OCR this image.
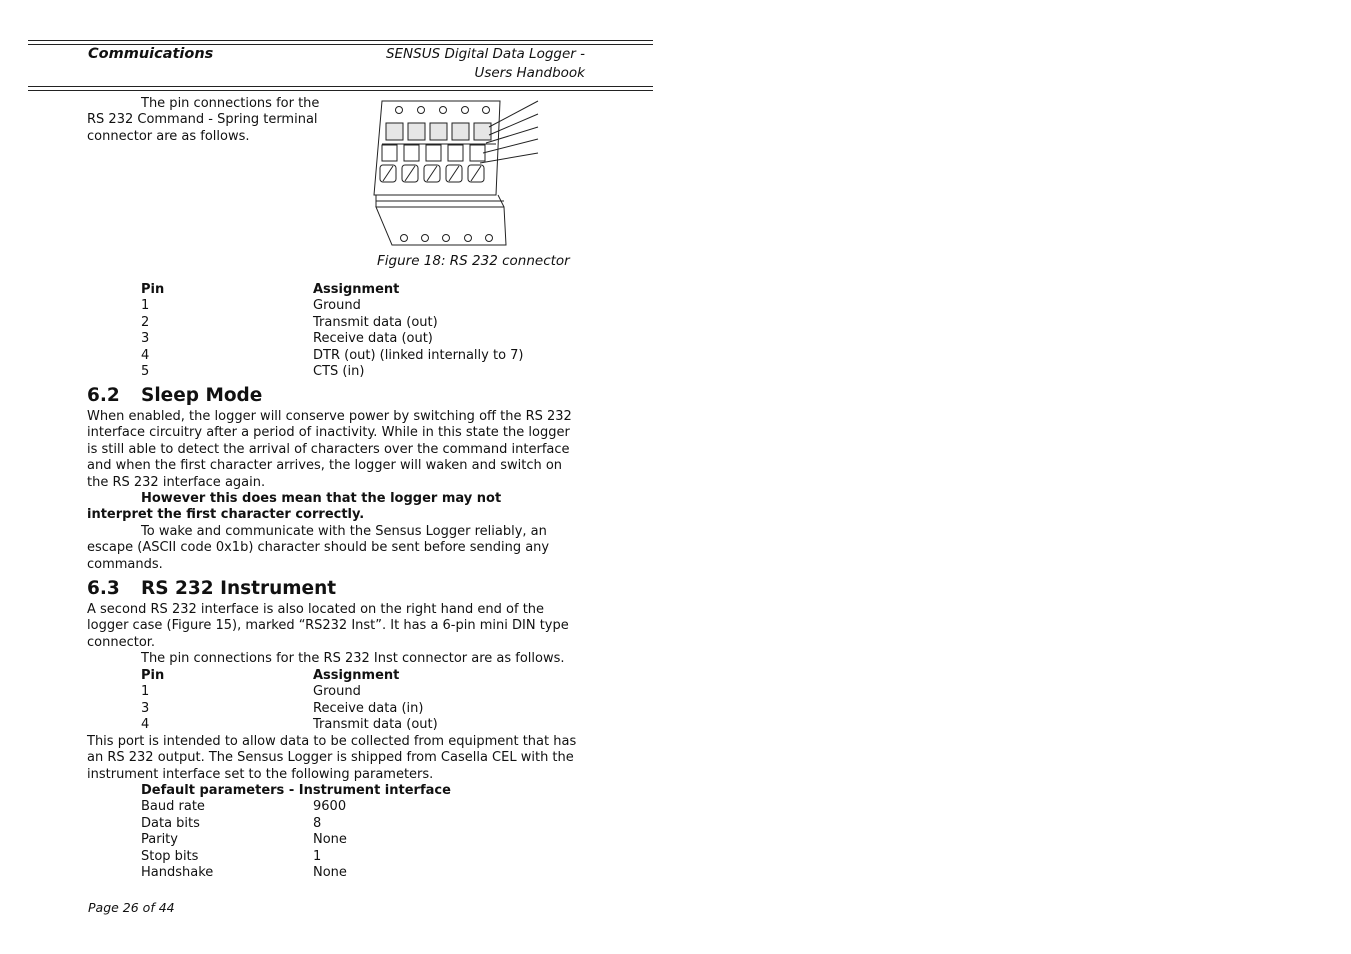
Commuications	SENSUS Digital Data Logger -
Users Handbook
The pin connections for the RS 232 Command - Spring terminal connector are as follows.
Figure 18: RS 232 connector
Pin	Assignment
1	Ground
2	Transmit data (out)
3	Receive data (out)
4	DTR (out) (linked internally to 7)
5	CTS (in)
6.2 Sleep Mode
When enabled, the logger will conserve power by switching off the RS 232 interface circuitry after a period of inactivity. While in this state the logger is still able to detect the arrival of characters over the command interface and when the first character arrives, the logger will waken and switch on the RS 232 interface again.
However this does mean that the logger may not interpret the first character correctly.
To wake and communicate with the Sensus Logger reliably, an escape (ASCII code 0x1b) character should be sent before sending any commands.
6.3 RS 232 Instrument
A second RS 232 interface is also located on the right hand end of the logger case (Figure 15), marked “RS232 Inst”. It has a 6-pin mini DIN type connector.
The pin connections for the RS 232 Inst connector are as follows.
Pin	Assignment
1	Ground
3	Receive data (in)
4	Transmit data (out)
This port is intended to allow data to be collected from equipment that has an RS 232 output. The Sensus Logger is shipped from Casella CEL with the instrument interface set to the following parameters.
Default parameters - Instrument interface
Baud rate	9600
Data bits	8
Parity	None
Stop bits	1
Handshake	None
Page 26 of 44
